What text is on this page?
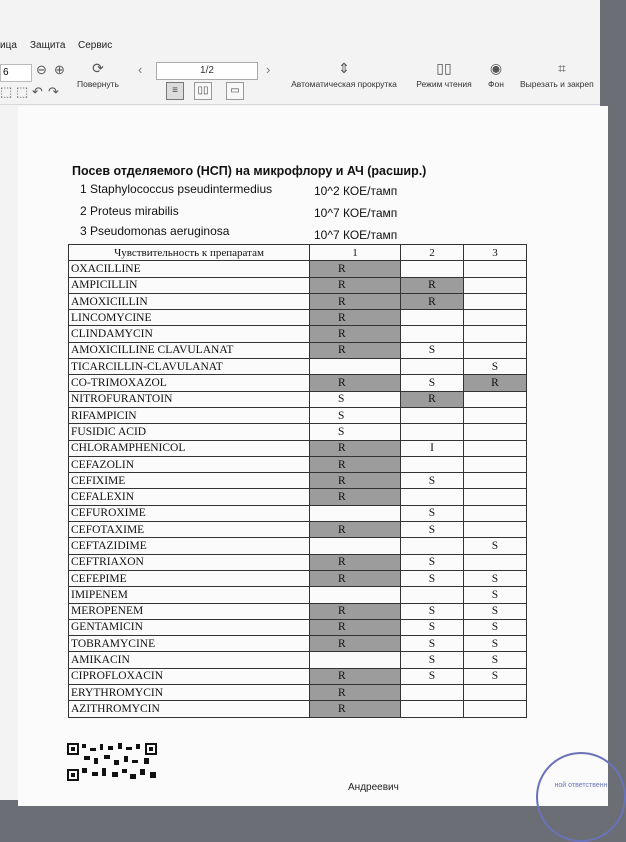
ица Защита Сервис
6	⊖ ⊕
⬚ ⬚ ↶ ↷
⟳
Повернуть
‹	1/2	›	⇕
Автоматическая прокрутка
▯▯
Режим чтения
◉
Фон
⌗
Вырезать и закреп
≡	▯▯	▭
Посев отделяемого (НСП) на микрофлору и АЧ (расшир.)
1 Staphylococcus pseudintermedius	10^2 КОЕ/тамп
2 Proteus mirabilis	10^7 КОЕ/тамп
3 Pseudomonas aeruginosa	10^7 КОЕ/тамп
Чувствительность к препаратам	1	2	3
OXACILLINE	R		
AMPICILLIN	R	R	
AMOXICILLIN	R	R	
LINCOMYCINE	R		
CLINDAMYCIN	R		
AMOXICILLINE CLAVULANAT	R	S	
TICARCILLIN-CLAVULANAT			S
CO-TRIMOXAZOL	R	S	R
NITROFURANTOIN	S	R	
RIFAMPICIN	S		
FUSIDIC ACID	S		
CHLORAMPHENICOL	R	I	
CEFAZOLIN	R		
CEFIXIME	R	S	
CEFALEXIN	R		
CEFUROXIME		S	
CEFOTAXIME	R	S	
CEFTAZIDIME			S
CEFTRIAXON	R	S	
CEFEPIME	R	S	S
IMIPENEM			S
MEROPENEM	R	S	S
GENTAMICIN	R	S	S
TOBRAMYCINE	R	S	S
AMIKACIN		S	S
CIPROFLOXACIN	R	S	S
ERYTHROMYCIN	R		
AZITHROMYCIN	R		
Андреевич	ной ответственн
